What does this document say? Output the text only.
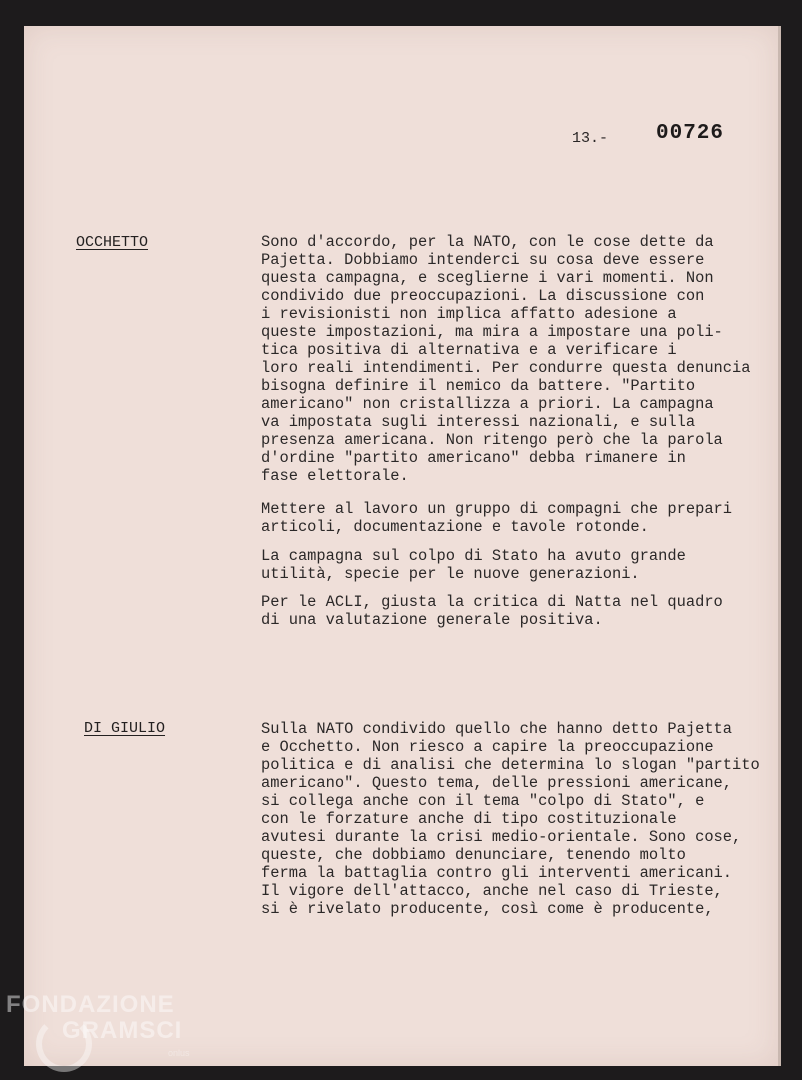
13.- 00726
OCCHETTO	Sono d'accordo, per la NATO, con le cose dette da
Pajetta. Dobbiamo intenderci su cosa deve essere
questa campagna, e sceglierne i vari momenti. Non
condivido due preoccupazioni. La discussione con
i revisionisti non implica affatto adesione a
queste impostazioni, ma mira a impostare una poli-
tica positiva di alternativa e a verificare i
loro reali intendimenti. Per condurre questa denuncia
bisogna definire il nemico da battere. "Partito
americano" non cristallizza a priori. La campagna
va impostata sugli interessi nazionali, e sulla
presenza americana. Non ritengo però che la parola
d'ordine "partito americano" debba rimanere in
fase elettorale.

Mettere al lavoro un gruppo di compagni che prepari
articoli, documentazione e tavole rotonde.

La campagna sul colpo di Stato ha avuto grande
utilità, specie per le nuove generazioni.

Per le ACLI, giusta la critica di Natta nel quadro
di una valutazione generale positiva.

DI GIULIO	Sulla NATO condivido quello che hanno detto Pajetta
e Occhetto. Non riesco a capire la preoccupazione
politica e di analisi che determina lo slogan "partito
americano". Questo tema, delle pressioni americane,
si collega anche con il tema "colpo di Stato", e
con le forzature anche di tipo costituzionale
avutesi durante la crisi medio-orientale. Sono cose,
queste, che dobbiamo denunciare, tenendo molto
ferma la battaglia contro gli interventi americani.
Il vigore dell'attacco, anche nel caso di Trieste,
si è rivelato producente, così come è producente,

FONDAZIONE
GRAMSCI
onlus
